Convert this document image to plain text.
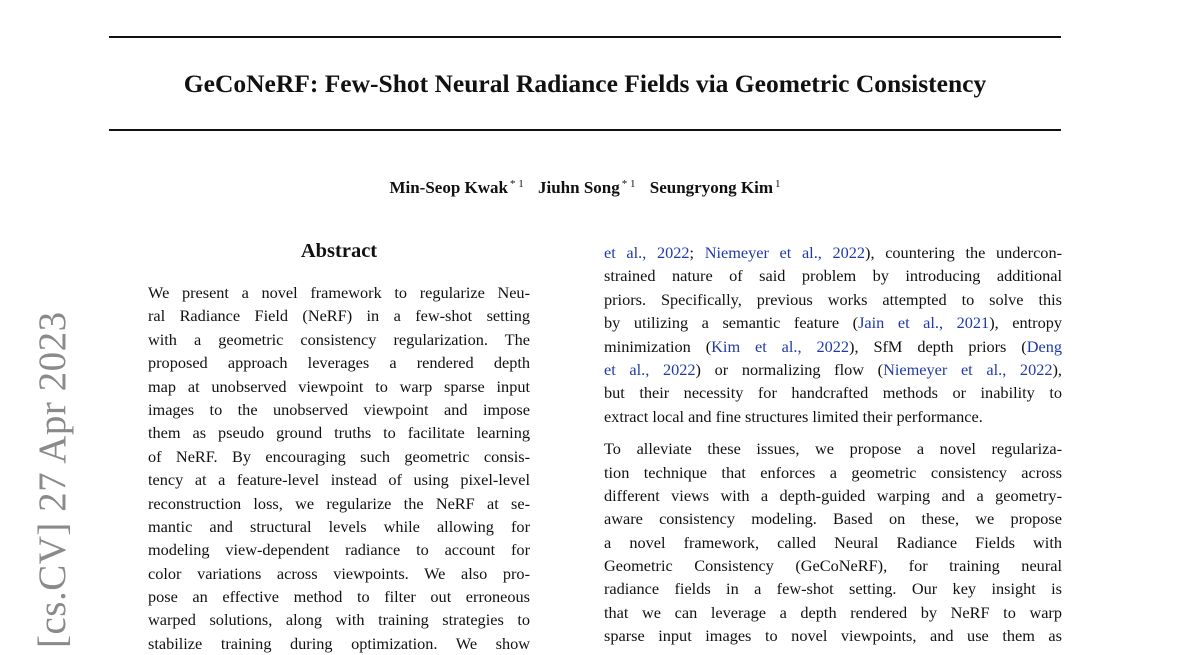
GeCoNeRF: Few-Shot Neural Radiance Fields via Geometric Consistency
Min-Seop Kwak $^{* 1}$ Jiuhn Song $^{* 1}$ Seungryong Kim $^1$
[cs.CV] 27 Apr 2023
Abstract
We present a novel framework to regularize Neu-
ral Radiance Field (NeRF) in a few-shot setting
with a geometric consistency regularization. The
proposed approach leverages a rendered depth
map at unobserved viewpoint to warp sparse input
images to the unobserved viewpoint and impose
them as pseudo ground truths to facilitate learning
of NeRF. By encouraging such geometric consis-
tency at a feature-level instead of using pixel-level
reconstruction loss, we regularize the NeRF at se-
mantic and structural levels while allowing for
modeling view-dependent radiance to account for
color variations across viewpoints. We also pro-
pose an effective method to filter out erroneous
warped solutions, along with training strategies to
stabilize training during optimization. We show
et al., 2022; Niemeyer et al., 2022), countering the undercon-
strained nature of said problem by introducing additional
priors. Specifically, previous works attempted to solve this
by utilizing a semantic feature (Jain et al., 2021), entropy
minimization (Kim et al., 2022), SfM depth priors (Deng
et al., 2022) or normalizing flow (Niemeyer et al., 2022),
but their necessity for handcrafted methods or inability to
extract local and fine structures limited their performance.
To alleviate these issues, we propose a novel regulariza-
tion technique that enforces a geometric consistency across
different views with a depth-guided warping and a geometry-
aware consistency modeling. Based on these, we propose
a novel framework, called Neural Radiance Fields with
Geometric Consistency (GeCoNeRF), for training neural
radiance fields in a few-shot setting. Our key insight is
that we can leverage a depth rendered by NeRF to warp
sparse input images to novel viewpoints, and use them as
